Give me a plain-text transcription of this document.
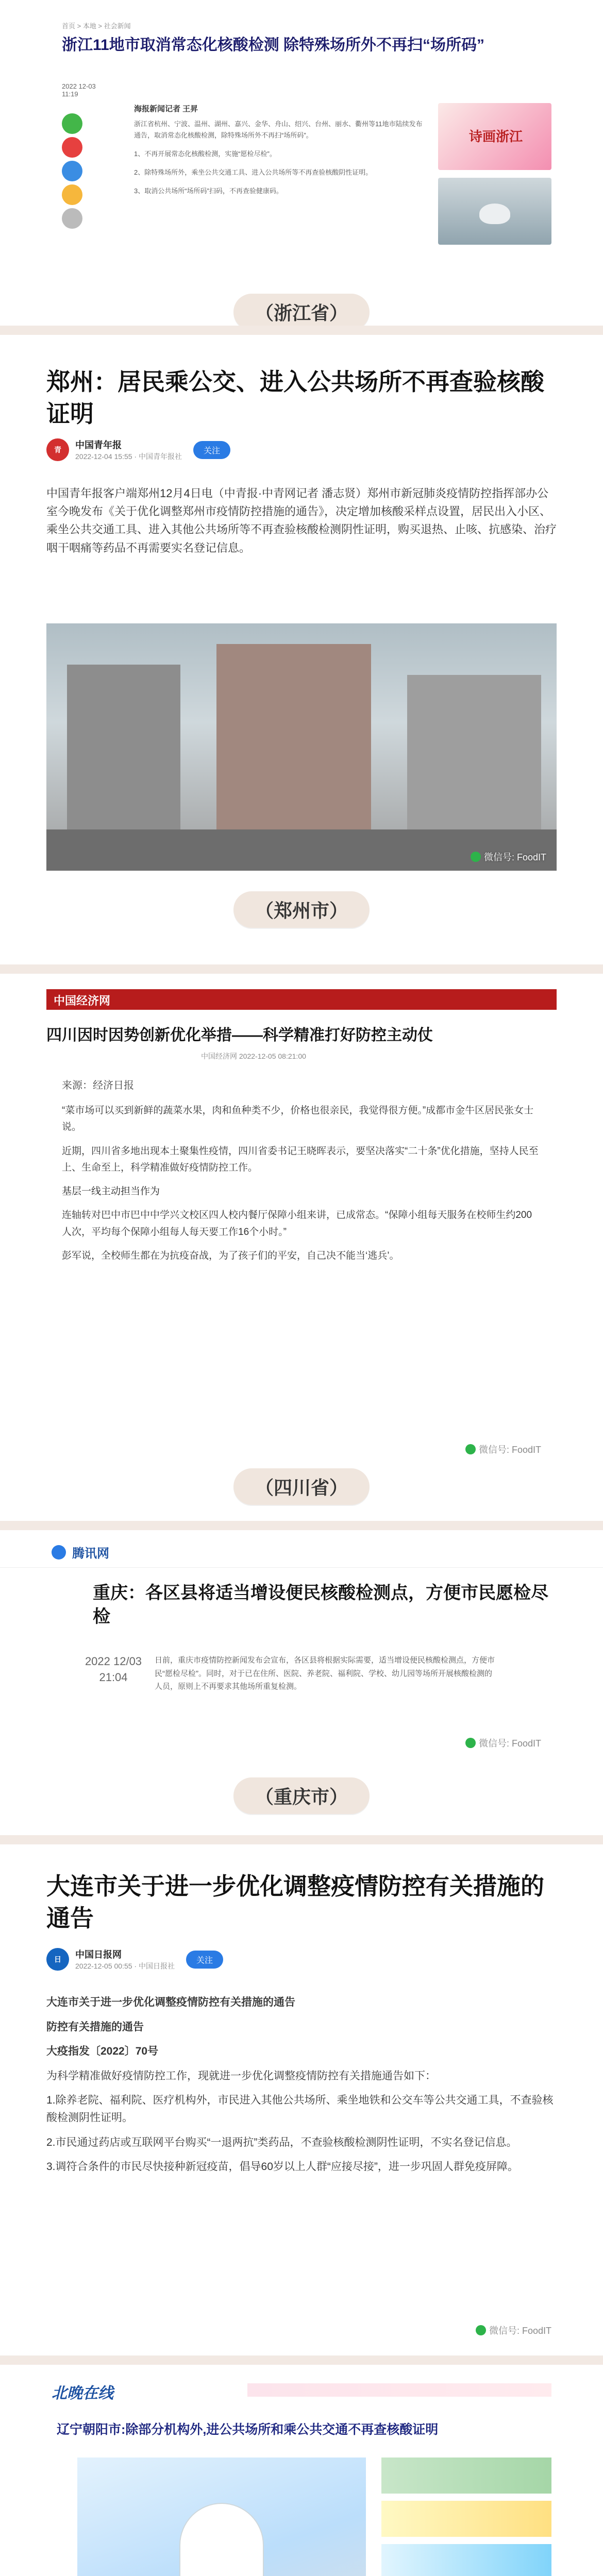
首页 > 本地 > 社会新闻
浙江11地市取消常态化核酸检测 除特殊场所外不再扫“场所码”
2022 12-03 11:19
海报新闻记者 王昇

浙江省杭州、宁波、温州、湖州、嘉兴、金华、舟山、绍兴、台州、丽水、衢州等11地市陆续发布通告，取消常态化核酸检测，除特殊场所外不再扫“场所码”。

1、不再开展常态化核酸检测，实施“愿检尽检”。

2、除特殊场所外，乘坐公共交通工具、进入公共场所等不再查验核酸阴性证明。

3、取消公共场所“场所码”扫码，不再查验健康码。

诗画浙江
（浙江省）
郑州：居民乘公交、进入公共场所不再查验核酸证明
青	中国青年报
2022-12-04 15:55 · 中国青年报社
关注
中国青年报客户端郑州12月4日电（中青报·中青网记者 潘志贤）郑州市新冠肺炎疫情防控指挥部办公室今晚发布《关于优化调整郑州市疫情防控措施的通告》，决定增加核酸采样点设置，居民出入小区、乘坐公共交通工具、进入其他公共场所等不再查验核酸检测阴性证明，购买退热、止咳、抗感染、治疗咽干咽痛等药品不再需要实名登记信息。
微信号: FoodIT
（郑州市）
中国经济网
四川因时因势创新优化举措——科学精准打好防控主动仗
中国经济网 2022-12-05 08:21:00
来源：经济日报

“菜市场可以买到新鲜的蔬菜水果，肉和鱼种类不少，价格也很亲民，我觉得很方便。”成都市金牛区居民张女士说。

近期，四川省多地出现本土聚集性疫情，四川省委书记王晓晖表示，要坚决落实“二十条”优化措施，坚持人民至上、生命至上，科学精准做好疫情防控工作。

基层一线主动担当作为

连轴转对巴中市巴中中学兴文校区四人校内餐厅保障小组来讲，已成常态。“保障小组每天服务在校师生约200人次，平均每个保障小组每人每天要工作16个小时。”

彭军说，全校师生都在为抗疫奋战，为了孩子们的平安，自己决不能当‘逃兵’。

微信号: FoodIT
（四川省）
腾讯网
重庆：各区县将适当增设便民核酸检测点，方便市民愿检尽检
2022 12/03 21:04
日前，重庆市疫情防控新闻发布会宣布，各区县将根据实际需要，适当增设便民核酸检测点，方便市民“愿检尽检”。同时，对于已在住所、医院、养老院、福利院、学校、幼儿园等场所开展核酸检测的人员，原则上不再要求其他场所重复检测。
微信号: FoodIT
（重庆市）
大连市关于进一步优化调整疫情防控有关措施的通告
日	中国日报网
2022-12-05 00:55 · 中国日报社
关注

大连市关于进一步优化调整疫情防控有关措施的通告

防控有关措施的通告

大疫指发〔2022〕70号

为科学精准做好疫情防控工作，现就进一步优化调整疫情防控有关措施通告如下：

1.除养老院、福利院、医疗机构外，市民进入其他公共场所、乘坐地铁和公交车等公共交通工具，不查验核酸检测阴性证明。

2.市民通过药店或互联网平台购买“一退两抗”类药品，不查验核酸检测阴性证明，不实名登记信息。

3.调符合条件的市民尽快接种新冠疫苗，倡导60岁以上人群“应接尽接”，进一步巩固人群免疫屏障。

微信号: FoodIT
北晚在线
辽宁朝阳市:除部分机构外,进公共场所和乘公共交通不再查核酸证明
